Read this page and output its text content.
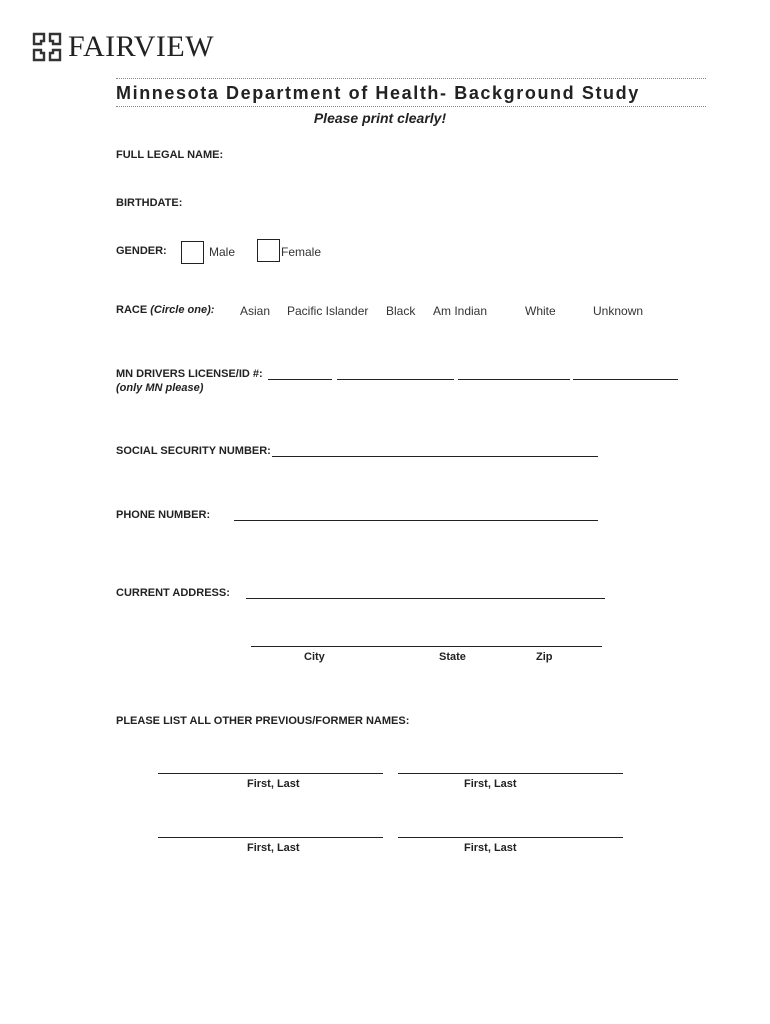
FAIRVIEW
Minnesota Department of Health- Background Study
Please print clearly!
FULL LEGAL NAME:
BIRTHDATE:
GENDER:	Male	Female
RACE (Circle one): Asian Pacific Islander Black Am Indian	White	Unknown
MN DRIVERS LICENSE/ID #:
(only MN please)
SOCIAL SECURITY NUMBER:
PHONE NUMBER:
CURRENT ADDRESS:
City	State	Zip
PLEASE LIST ALL OTHER PREVIOUS/FORMER NAMES:
First, Last	First, Last
First, Last	First, Last
